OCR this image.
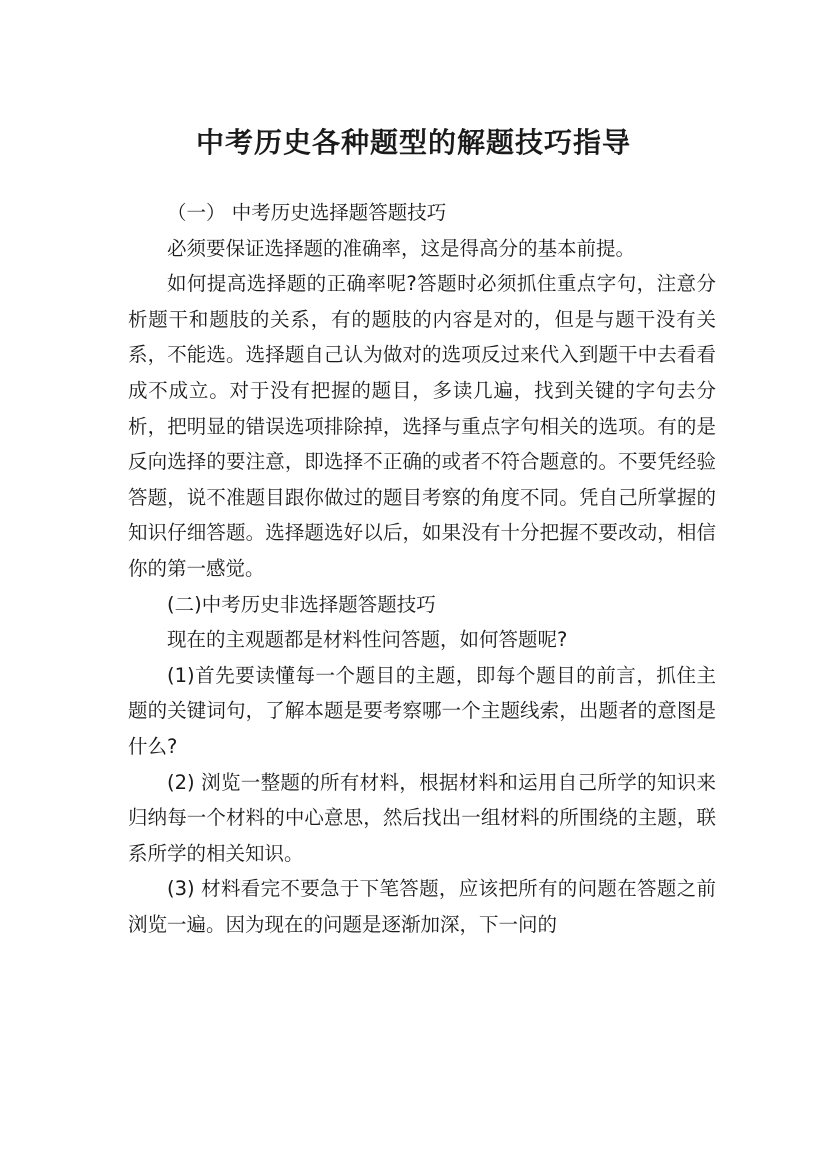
中考历史各种题型的解题技巧指导

（一） 中考历史选择题答题技巧

必须要保证选择题的准确率，这是得高分的基本前提。

如何提高选择题的正确率呢?答题时必须抓住重点字句，注意分析题干和题肢的关系，有的题肢的内容是对的，但是与题干没有关系，不能选。选择题自己认为做对的选项反过来代入到题干中去看看成不成立。对于没有把握的题目，多读几遍，找到关键的字句去分析，把明显的错误选项排除掉，选择与重点字句相关的选项。有的是反向选择的要注意，即选择不正确的或者不符合题意的。不要凭经验答题，说不准题目跟你做过的题目考察的角度不同。凭自己所掌握的知识仔细答题。选择题选好以后，如果没有十分把握不要改动，相信你的第一感觉。

(二)中考历史非选择题答题技巧

现在的主观题都是材料性问答题，如何答题呢?

(1)首先要读懂每一个题目的主题，即每个题目的前言，抓住主题的关键词句，了解本题是要考察哪一个主题线索，出题者的意图是什么?

(2) 浏览一整题的所有材料，根据材料和运用自己所学的知识来归纳每一个材料的中心意思，然后找出一组材料的所围绕的主题，联系所学的相关知识。

(3) 材料看完不要急于下笔答题，应该把所有的问题在答题之前浏览一遍。因为现在的问题是逐渐加深，下一问的
